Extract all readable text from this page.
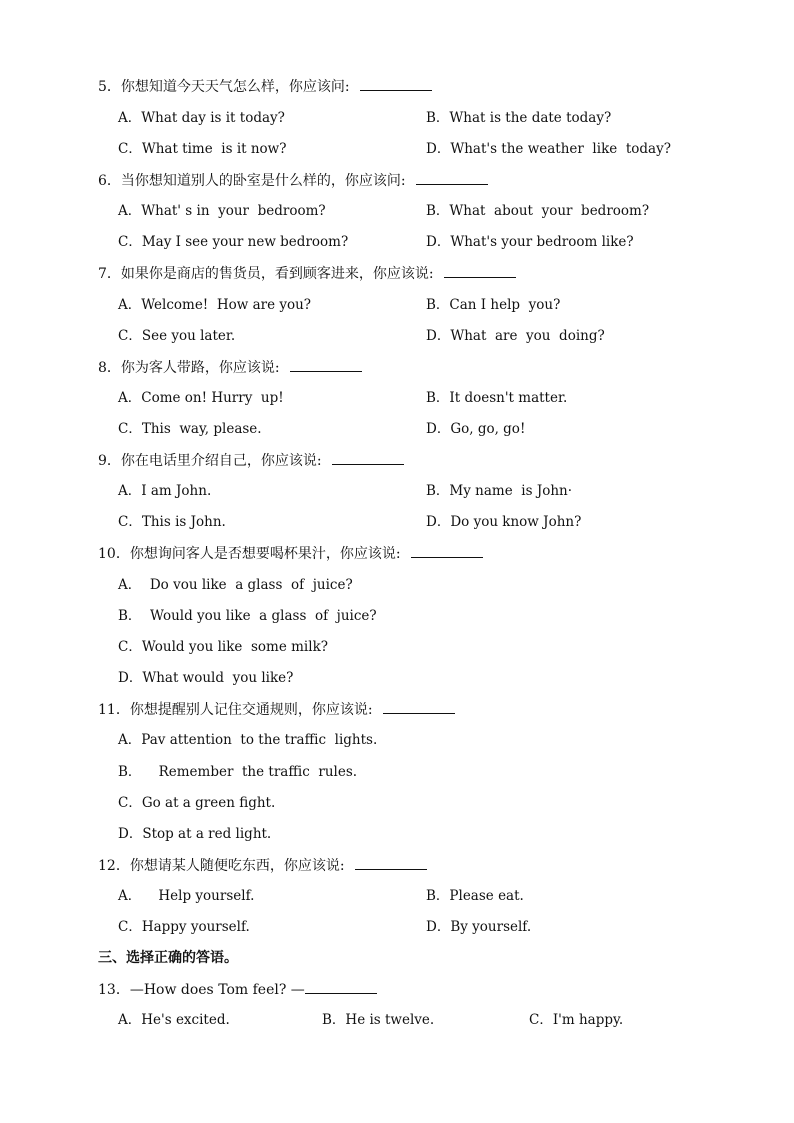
5．你想知道今天天气怎么样，你应该问:
A．What day is it today?	B．What is the date today?
C．What time  is it now?	D．What's the weather  like  today?
6．当你想知道别人的卧室是什么样的，你应该问:
A．What' s in  your  bedroom?	B．What  about  your  bedroom?
C．May I see your new bedroom?	D．What's your bedroom like?
7．如果你是商店的售货员，看到顾客进来，你应该说:
A．Welcome!  How are you?	B．Can I help  you?
C．See you later.	D．What  are  you  doing?
8．你为客人带路，你应该说:
A．Come on! Hurry  up!	B．It doesn't matter.
C．This  way, please.	D．Go, go, go!
9．你在电话里介绍自己，你应该说:
A．I am John.	B．My name  is John·
C．This is John.	D．Do you know John?
10．你想询问客人是否想要喝杯果汁，你应该说:
A．  Do vou like  a glass  of  juice?
B．  Would you like  a glass  of  juice?
C．Would you like  some milk?
D．What would  you like?
11．你想提醒别人记住交通规则，你应该说:
A．Pav attention  to the traffic  lights.
B．    Remember  the traffic  rules.
C．Go at a green fight.
D．Stop at a red light.
12．你想请某人随便吃东西，你应该说:
A．    Help yourself.	B．Please eat.
C．Happy yourself.	D．By yourself.
三、选择正确的答语。
13．—How does Tom feel? —
A．He's excited.	B．He is twelve.	C．I'm happy.
